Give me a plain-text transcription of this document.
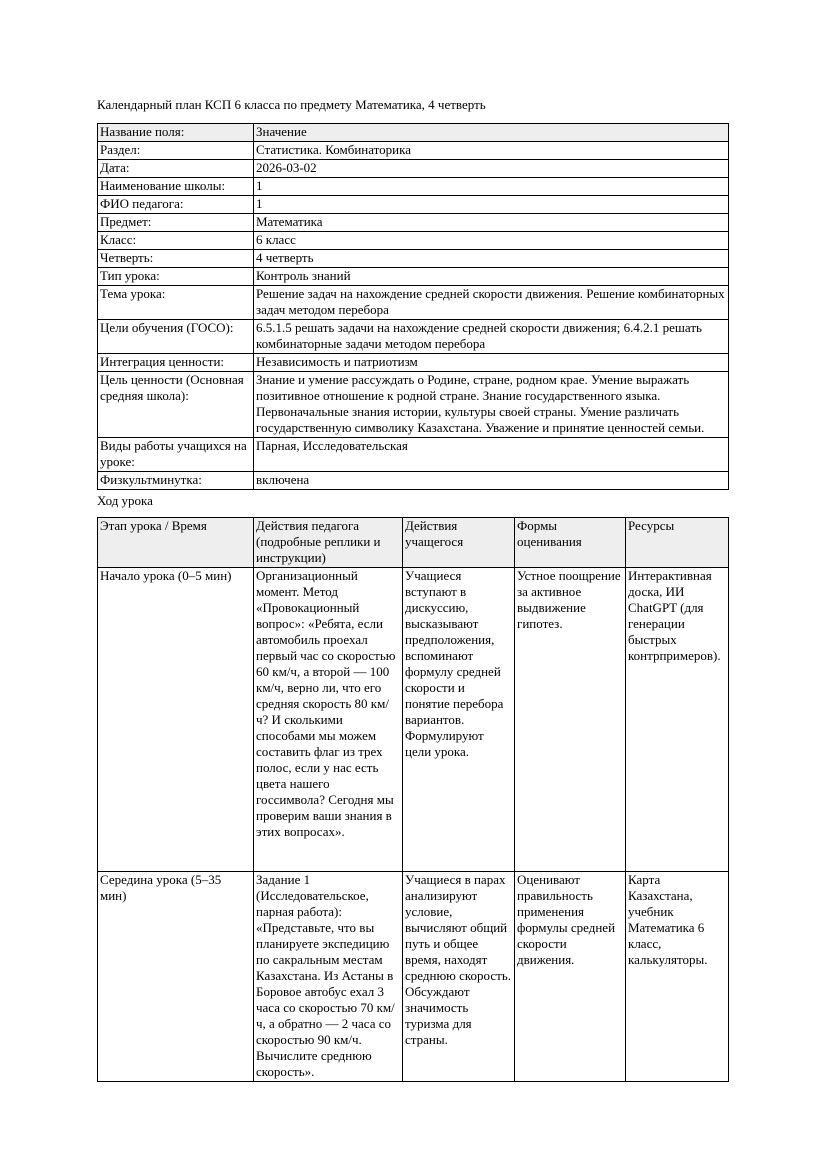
Календарный план КСП 6 класса по предмету Математика, 4 четверть
Название поля:	Значение
Раздел:	Статистика. Комбинаторика
Дата:	2026-03-02
Наименование школы:	1
ФИО педагога:	1
Предмет:	Математика
Класс:	6 класс
Четверть:	4 четверть
Тип урока:	Контроль знаний
Тема урока:	Решение задач на нахождение средней скорости движения. Решение комбинаторных задач методом перебора
Цели обучения (ГОСО):	6.5.1.5 решать задачи на нахождение средней скорости движения; 6.4.2.1 решать комбинаторные задачи методом перебора
Интеграция ценности:	Независимость и патриотизм
Цель ценности (Основная средняя школа):	Знание и умение рассуждать о Родине, стране, родном крае. Умение выражать позитивное отношение к родной стране. Знание государственного языка. Первоначальные знания истории, культуры своей страны. Умение различать государственную символику Казахстана. Уважение и принятие ценностей семьи.
Виды работы учащихся на уроке:	Парная, Исследовательская
Физкультминутка:	включена
Ход урока
Этап урока / Время	Действия педагога (подробные реплики и инструкции)	Действия учащегося	Формы оценивания	Ресурсы
Начало урока (0–5 мин)	Организационный момент. Метод «Провокационный вопрос»: «Ребята, если автомобиль проехал первый час со скоростью 60 км/ч, а второй — 100 км/ч, верно ли, что его средняя скорость 80 км/ч? И сколькими способами мы можем составить флаг из трех полос, если у нас есть цвета нашего госсимвола? Сегодня мы проверим ваши знания в этих вопросах».	Учащиеся вступают в дискуссию, высказывают предположения, вспоминают формулу средней скорости и понятие перебора вариантов. Формулируют цели урока.	Устное поощрение за активное выдвижение гипотез.	Интерактивная доска, ИИ ChatGPT (для генерации быстрых контрпримеров).
Середина урока (5–35 мин)	Задание 1 (Исследовательское, парная работа): «Представьте, что вы планируете экспедицию по сакральным местам Казахстана. Из Астаны в Боровое автобус ехал 3 часа со скоростью 70 км/ч, а обратно — 2 часа со скоростью 90 км/ч. Вычислите среднюю скорость».	Учащиеся в парах анализируют условие, вычисляют общий путь и общее время, находят среднюю скорость. Обсуждают значимость туризма для страны.	Оценивают правильность применения формулы средней скорости движения.	Карта Казахстана, учебник Математика 6 класс, калькуляторы.
